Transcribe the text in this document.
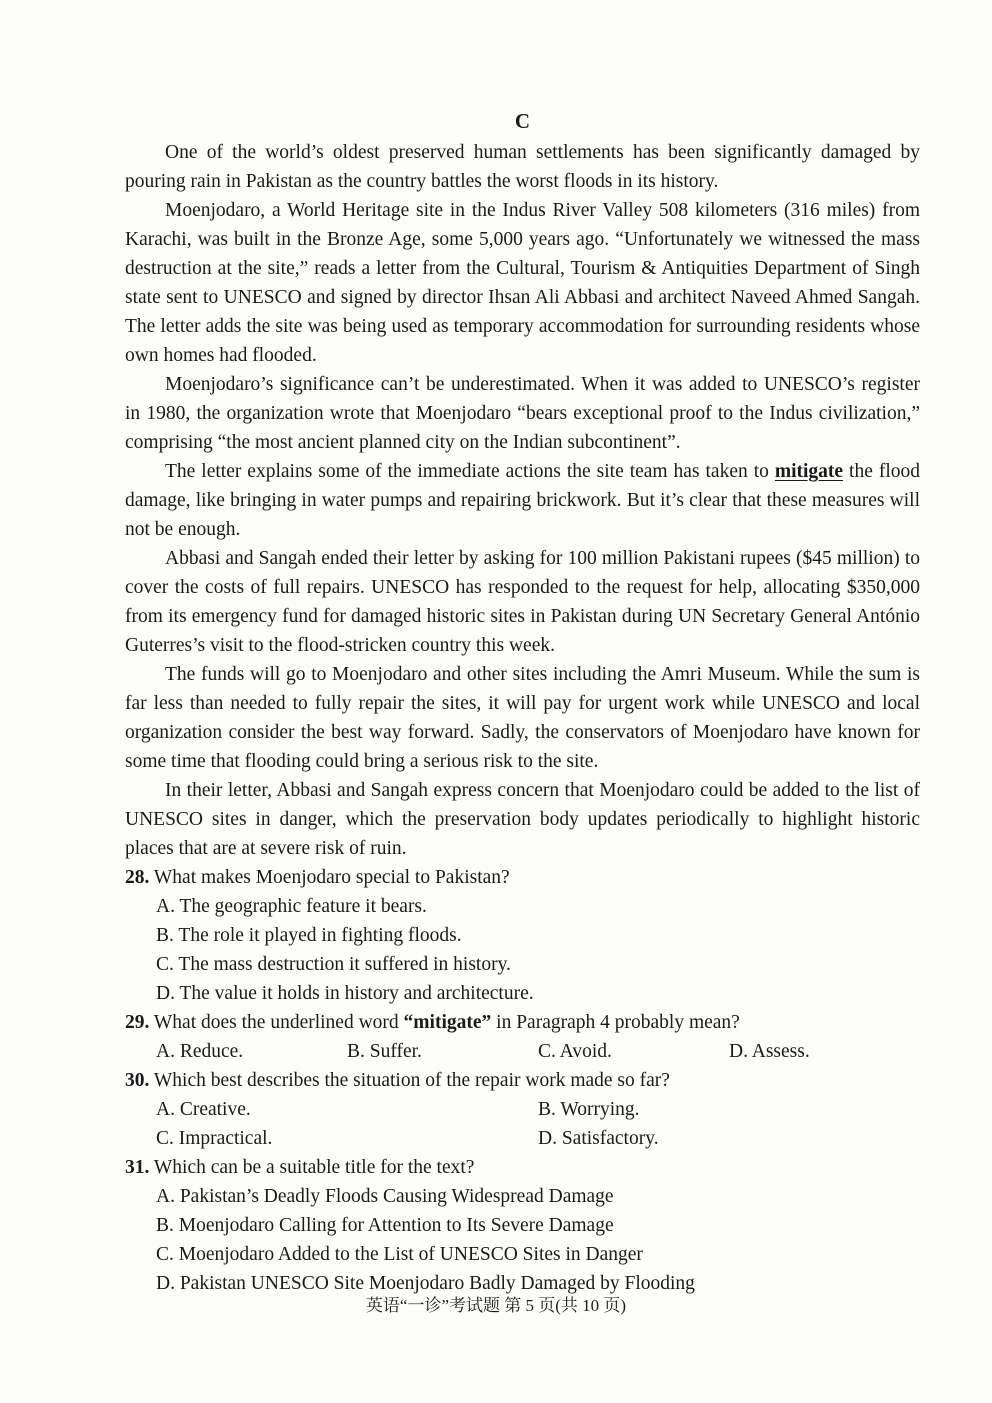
C

One of the world’s oldest preserved human settlements has been significantly damaged by pouring rain in Pakistan as the country battles the worst floods in its history.

Moenjodaro, a World Heritage site in the Indus River Valley 508 kilometers (316 miles) from Karachi, was built in the Bronze Age, some 5,000 years ago. “Unfortunately we witnessed the mass destruction at the site,” reads a letter from the Cultural, Tourism & Antiquities Department of Singh state sent to UNESCO and signed by director Ihsan Ali Abbasi and architect Naveed Ahmed Sangah. The letter adds the site was being used as temporary accommodation for surrounding residents whose own homes had flooded.

Moenjodaro’s significance can’t be underestimated. When it was added to UNESCO’s register in 1980, the organization wrote that Moenjodaro “bears exceptional proof to the Indus civilization,” comprising “the most ancient planned city on the Indian subcontinent”.

The letter explains some of the immediate actions the site team has taken to mitigate the flood damage, like bringing in water pumps and repairing brickwork. But it’s clear that these measures will not be enough.

Abbasi and Sangah ended their letter by asking for 100 million Pakistani rupees ($45 million) to cover the costs of full repairs. UNESCO has responded to the request for help, allocating $350,000 from its emergency fund for damaged historic sites in Pakistan during UN Secretary General António Guterres’s visit to the flood-stricken country this week.

The funds will go to Moenjodaro and other sites including the Amri Museum. While the sum is far less than needed to fully repair the sites, it will pay for urgent work while UNESCO and local organization consider the best way forward. Sadly, the conservators of Moenjodaro have known for some time that flooding could bring a serious risk to the site.

In their letter, Abbasi and Sangah express concern that Moenjodaro could be added to the list of UNESCO sites in danger, which the preservation body updates periodically to highlight historic places that are at severe risk of ruin.

28. What makes Moenjodaro special to Pakistan?

A. The geographic feature it bears.
B. The role it played in fighting floods.
C. The mass destruction it suffered in history.
D. The value it holds in history and architecture.

29. What does the underlined word “mitigate” in Paragraph 4 probably mean?

A. Reduce.	B. Suffer.	C. Avoid.	D. Assess.

30. Which best describes the situation of the repair work made so far?

A. Creative.	B. Worrying.
C. Impractical.	D. Satisfactory.

31. Which can be a suitable title for the text?

A. Pakistan’s Deadly Floods Causing Widespread Damage
B. Moenjodaro Calling for Attention to Its Severe Damage
C. Moenjodaro Added to the List of UNESCO Sites in Danger
D. Pakistan UNESCO Site Moenjodaro Badly Damaged by Flooding
英语“一诊”考试题 第 5 页(共 10 页)
